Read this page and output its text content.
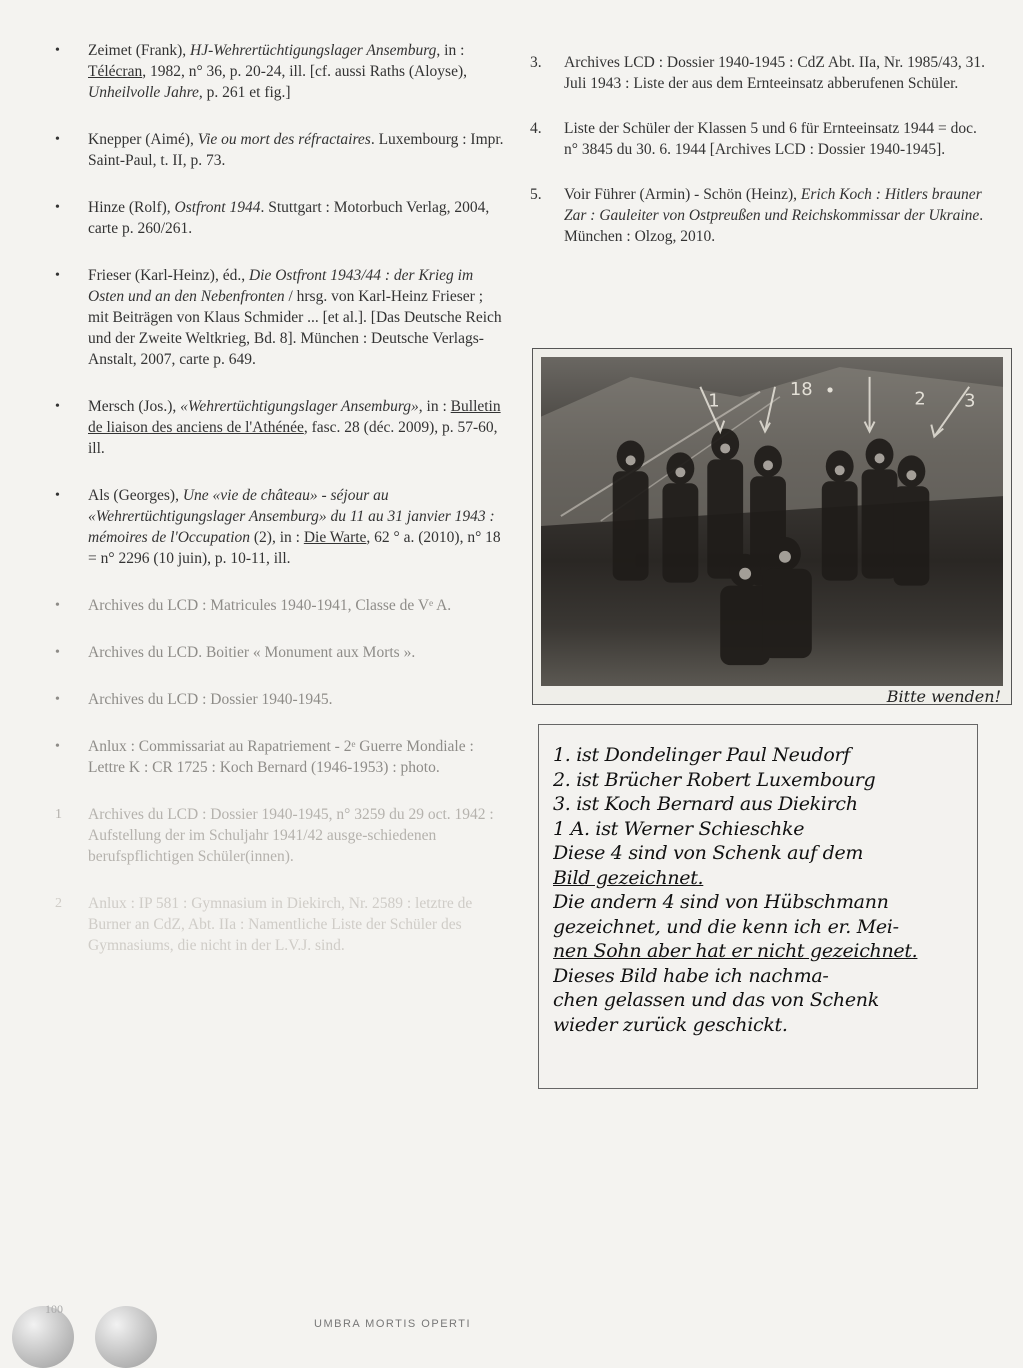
•	Zeimet (Frank), HJ-Wehrertüchtigungslager Ansemburg, in : Télécran, 1982, n° 36, p. 20-24, ill. [cf. aussi Raths (Aloyse), Unheilvolle Jahre, p. 261 et fig.]
•	Knepper (Aimé), Vie ou mort des réfractaires. Luxembourg : Impr. Saint-Paul, t. II, p. 73.
•	Hinze (Rolf), Ostfront 1944. Stuttgart : Motorbuch Verlag, 2004, carte p. 260/261.
•	Frieser (Karl-Heinz), éd., Die Ostfront 1943/44 : der Krieg im Osten und an den Nebenfronten / hrsg. von Karl-Heinz Frieser ; mit Beiträgen von Klaus Schmider ... [et al.]. [Das Deutsche Reich und der Zweite Weltkrieg, Bd. 8]. München : Deutsche Verlags-Anstalt, 2007, carte p. 649.
•	Mersch (Jos.), «Wehrertüchtigungslager Ansemburg», in : Bulletin de liaison des anciens de l'Athénée, fasc. 28 (déc. 2009), p. 57-60, ill.
•	Als (Georges), Une «vie de château» - séjour au «Wehrertüchtigungslager Ansemburg» du 11 au 31 janvier 1943 : mémoires de l'Occupation (2), in : Die Warte, 62 ° a. (2010), n° 18 = n° 2296 (10 juin), p. 10-11, ill.
•	Archives du LCD : Matricules 1940-1941, Classe de Vᵉ A.
•	Archives du LCD. Boitier « Monument aux Morts ».
•	Archives du LCD : Dossier 1940-1945.
•	Anlux : Commissariat au Rapatriement - 2ᵉ Guerre Mondiale : Lettre K : CR 1725 : Koch Bernard (1946-1953) : photo.
1	Archives du LCD : Dossier 1940-1945, n° 3259 du 29 oct. 1942 : Aufstellung der im Schuljahr 1941/42 ausge-schiedenen berufspflichtigen Schüler(innen).
2	Anlux : IP 581 : Gymnasium in Diekirch, Nr. 2589 : letztre de Burner an CdZ, Abt. IIa : Namentliche Liste der Schüler des Gymnasiums, die nicht in der L.V.J. sind.
3. Archives LCD : Dossier 1940-1945 : CdZ Abt. IIa, Nr. 1985/43, 31. Juli 1943 : Liste der aus dem Ernteeinsatz abberufenen Schüler.
4. Liste der Schüler der Klassen 5 und 6 für Ernteeinsatz 1944 = doc. n° 3845 du 30. 6. 1944 [Archives LCD : Dossier 1940-1945].
5. Voir Führer (Armin) - Schön (Heinz), Erich Koch : Hitlers brauner Zar : Gauleiter von Ostpreußen und Reichskommissar der Ukraine. München : Olzog, 2010.
1
18 •	2 3
Bitte wenden!
1. ist Dondelinger Paul Neudorf
2. ist Brücher Robert Luxembourg
3. ist Koch Bernard aus Diekirch
1 A. ist Werner Schieschke
Diese 4 sind von Schenk auf dem
Bild gezeichnet.
Die andern 4 sind von Hübschmann
gezeichnet, und die kenn ich er. Mei-
nen Sohn aber hat er nicht gezeichnet.
Dieses Bild habe ich nachma-
chen gelassen und das von Schenk
wieder zurück geschickt.
100
UMBRA MORTIS OPERTI
